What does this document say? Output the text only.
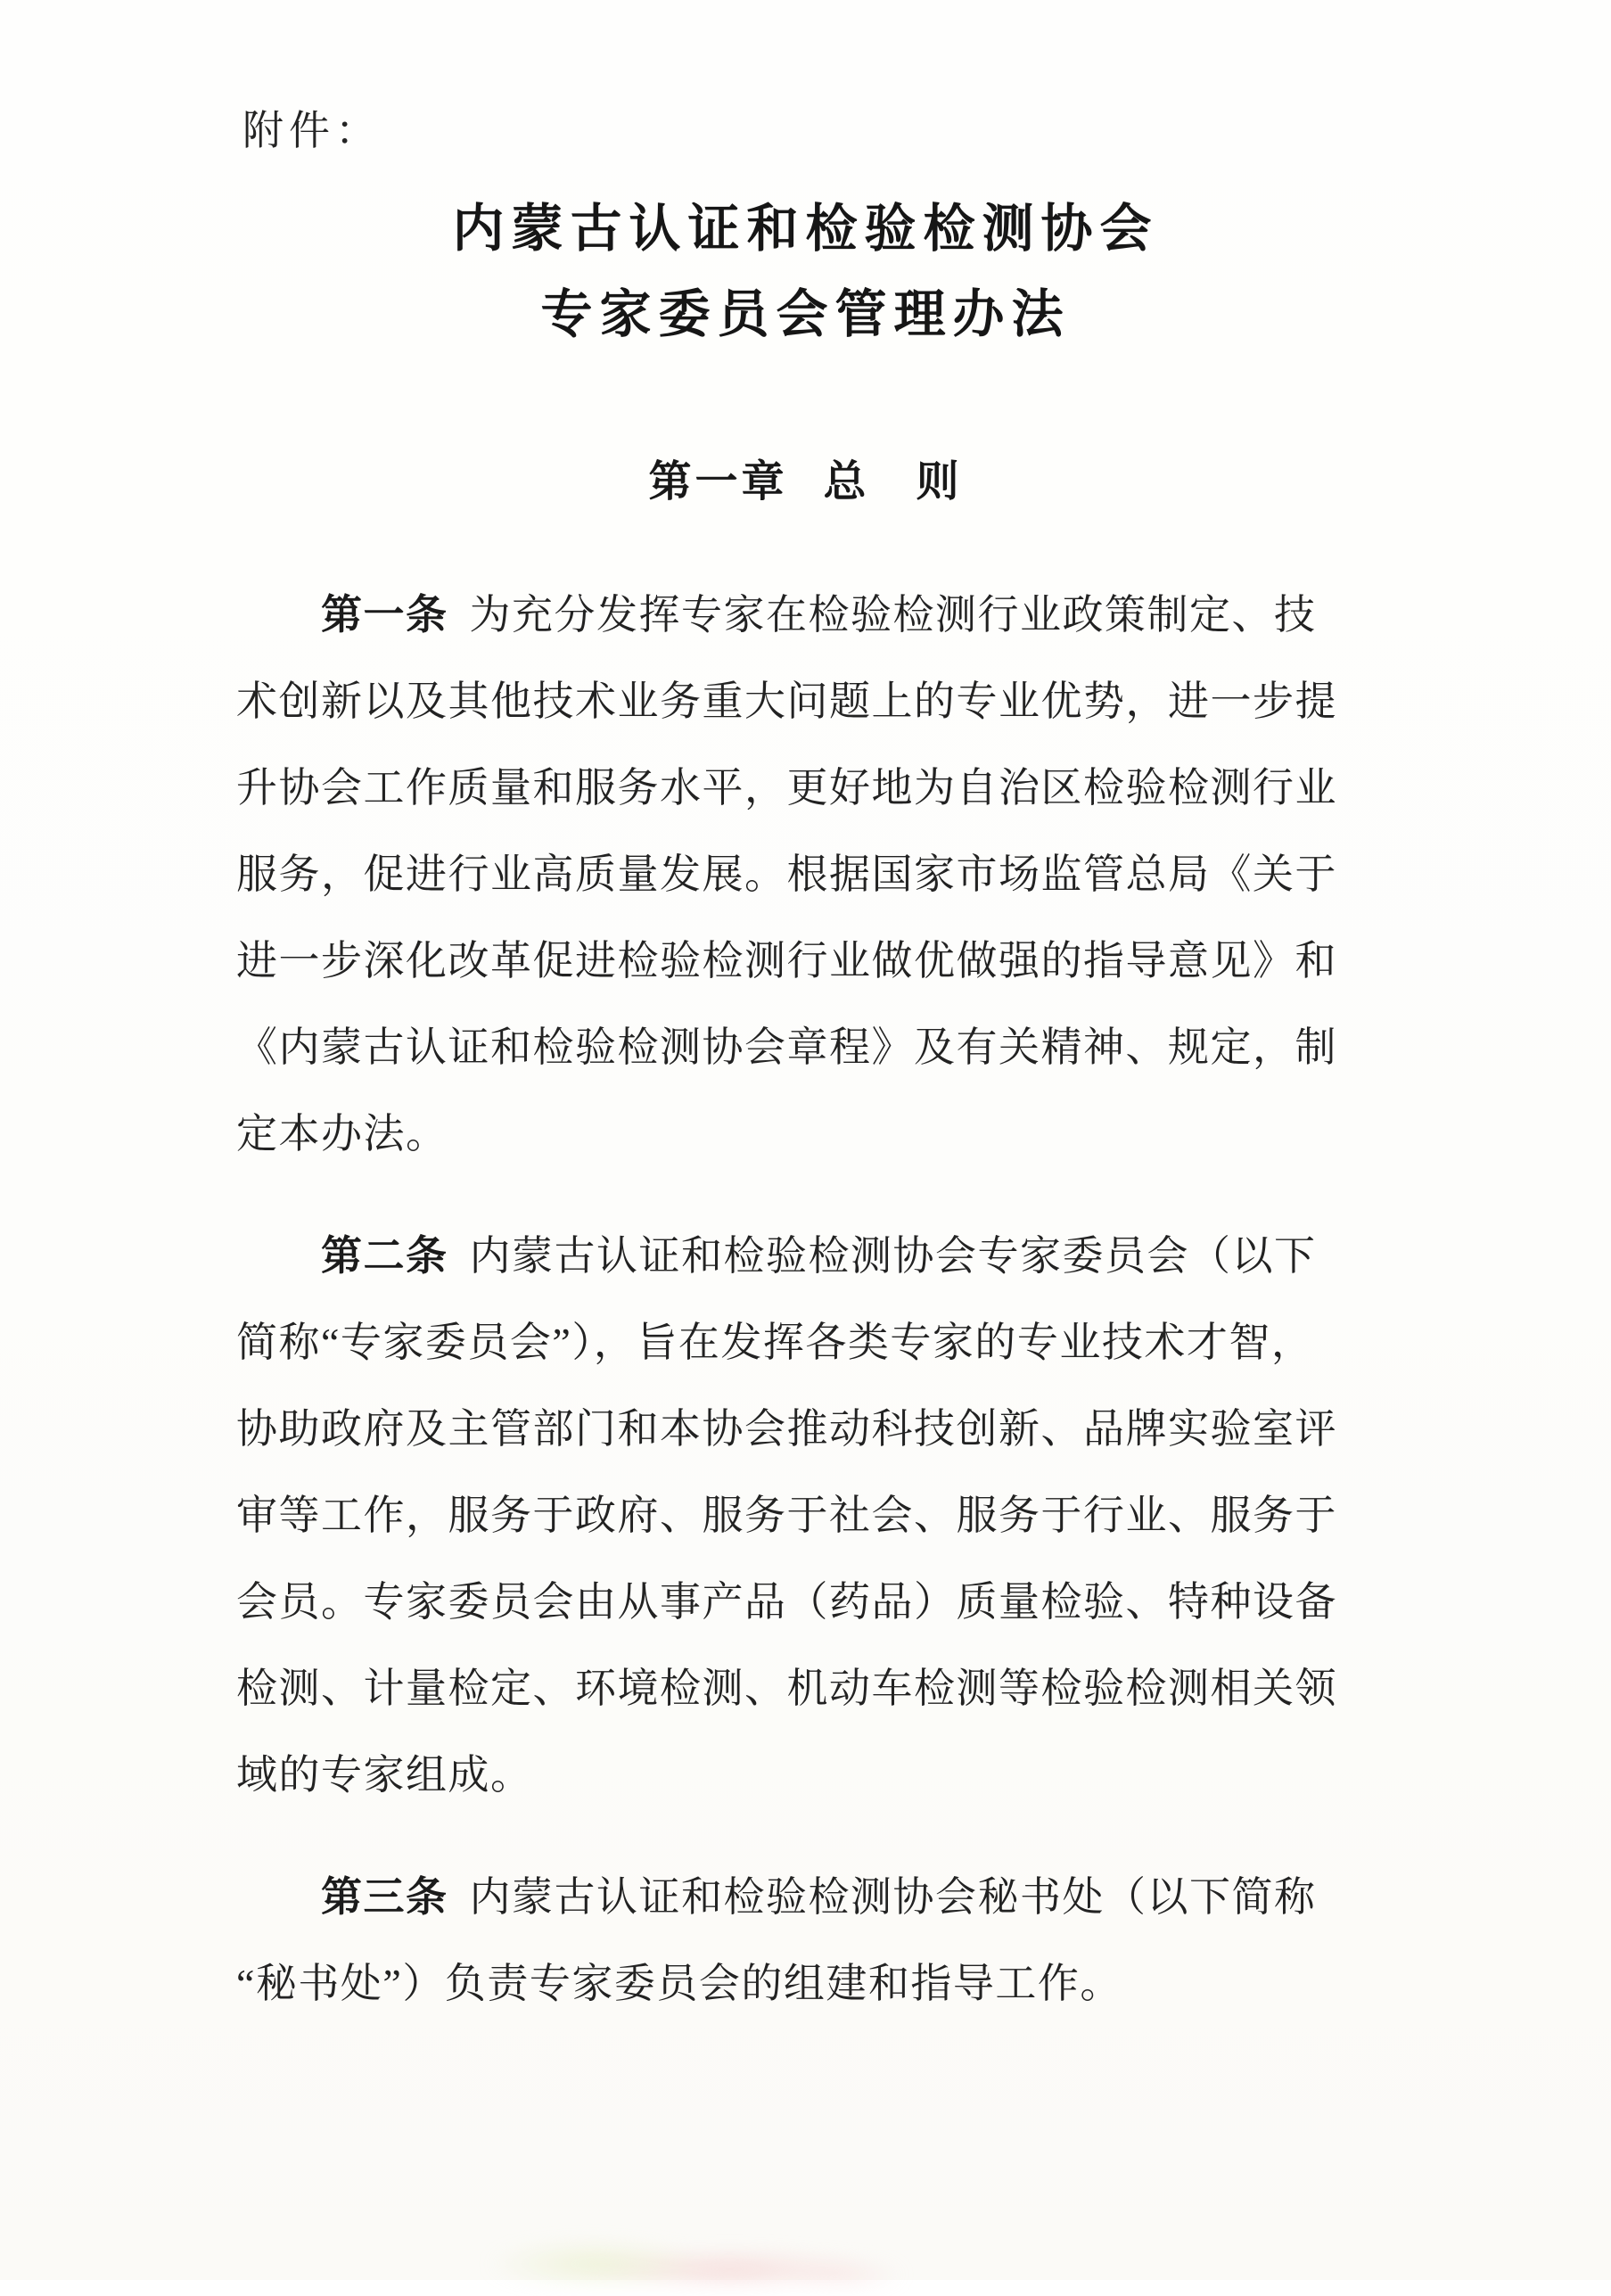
附件：
内蒙古认证和检验检测协会
专家委员会管理办法
第一章 总　则
第一条 为充分发挥专家在检验检测行业政策制定、技
术创新以及其他技术业务重大问题上的专业优势，进一步提
升协会工作质量和服务水平，更好地为自治区检验检测行业
服务，促进行业高质量发展。根据国家市场监管总局《关于
进一步深化改革促进检验检测行业做优做强的指导意见》和
《内蒙古认证和检验检测协会章程》及有关精神、规定，制
定本办法。
第二条 内蒙古认证和检验检测协会专家委员会（以下
简称“专家委员会”），旨在发挥各类专家的专业技术才智，
协助政府及主管部门和本协会推动科技创新、品牌实验室评
审等工作，服务于政府、服务于社会、服务于行业、服务于
会员。专家委员会由从事产品（药品）质量检验、特种设备
检测、计量检定、环境检测、机动车检测等检验检测相关领
域的专家组成。
第三条 内蒙古认证和检验检测协会秘书处（以下简称
“秘书处”）负责专家委员会的组建和指导工作。
